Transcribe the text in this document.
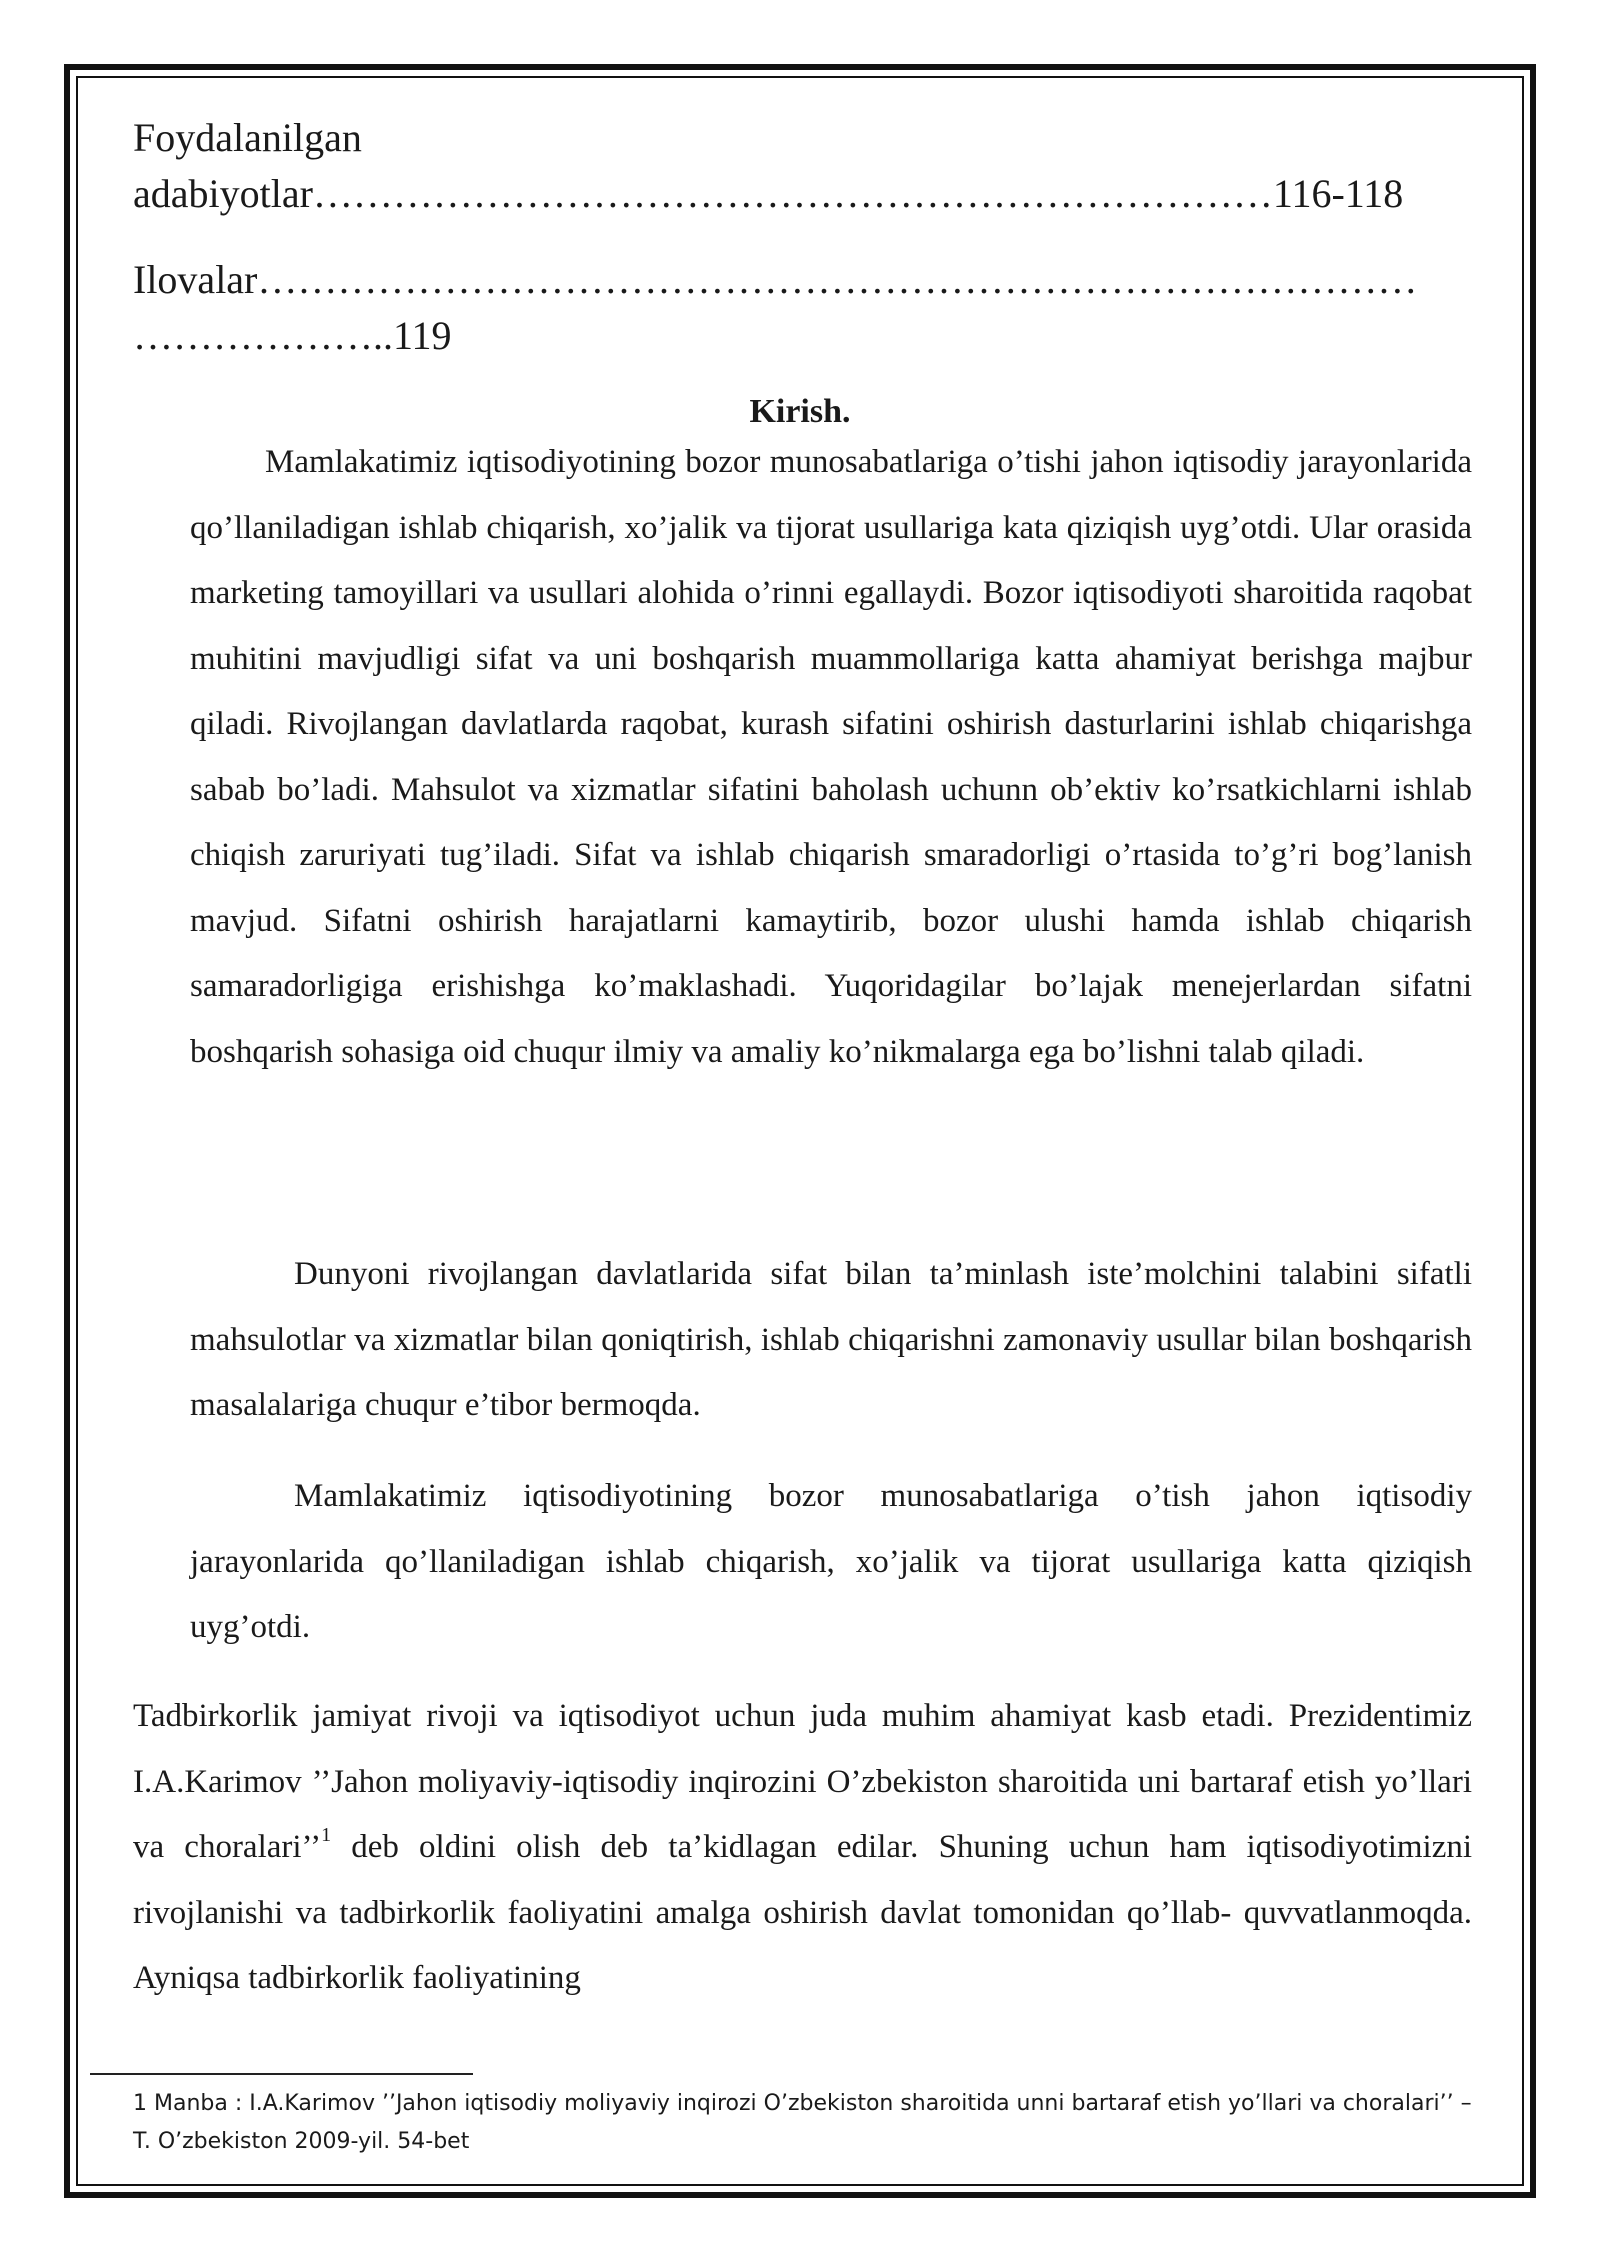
Foydalanilgan
adabiyotlar………………………………………………………………116-118
Ilovalar……………………………………………………………………………
………………..119
Kirish.

Mamlakatimiz iqtisodiyotining bozor munosabatlariga o’tishi jahon iqtisodiy jarayonlarida qo’llaniladigan ishlab chiqarish, xo’jalik va tijorat usullariga kata qiziqish uyg’otdi. Ular orasida marketing tamoyillari va usullari alohida o’rinni egallaydi. Bozor iqtisodiyoti sharoitida raqobat muhitini mavjudligi sifat va uni boshqarish muammollariga katta ahamiyat berishga majbur qiladi. Rivojlangan davlatlarda raqobat, kurash sifatini oshirish dasturlarini ishlab chiqarishga sabab bo’ladi. Mahsulot va xizmatlar sifatini baholash uchunn ob’ektiv ko’rsatkichlarni ishlab chiqish zaruriyati tug’iladi. Sifat va ishlab chiqarish smaradorligi o’rtasida to’g’ri bog’lanish mavjud. Sifatni oshirish harajatlarni kamaytirib, bozor ulushi hamda ishlab chiqarish samaradorligiga erishishga ko’maklashadi. Yuqoridagilar bo’lajak menejerlardan sifatni boshqarish sohasiga oid chuqur ilmiy va amaliy ko’nikmalarga ega bo’lishni talab qiladi.

Dunyoni rivojlangan davlatlarida sifat bilan ta’minlash iste’molchini talabini sifatli mahsulotlar va xizmatlar bilan qoniqtirish, ishlab chiqarishni zamonaviy usullar bilan boshqarish masalalariga chuqur e’tibor bermoqda.

Mamlakatimiz iqtisodiyotining bozor munosabatlariga o’tish jahon iqtisodiy jarayonlarida qo’llaniladigan ishlab chiqarish, xo’jalik va tijorat usullariga katta qiziqish uyg’otdi.

Tadbirkorlik jamiyat rivoji va iqtisodiyot uchun juda muhim ahamiyat kasb etadi. Prezidentimiz I.A.Karimov ’’Jahon moliyaviy-iqtisodiy inqirozini O’zbekiston sharoitida uni bartaraf etish yo’llari va choralari’’$^1$ deb oldini olish deb ta’kidlagan edilar. Shuning uchun ham iqtisodiyotimizni rivojlanishi va tadbirkorlik faoliyatini amalga oshirish davlat tomonidan qo’llab- quvvatlanmoqda. Ayniqsa tadbirkorlik faoliyatining

1 Manba : I.A.Karimov ’’Jahon iqtisodiy moliyaviy inqirozi O’zbekiston sharoitida unni bartaraf etish yo’llari va choralari’’ – T. O’zbekiston 2009-yil. 54-bet
